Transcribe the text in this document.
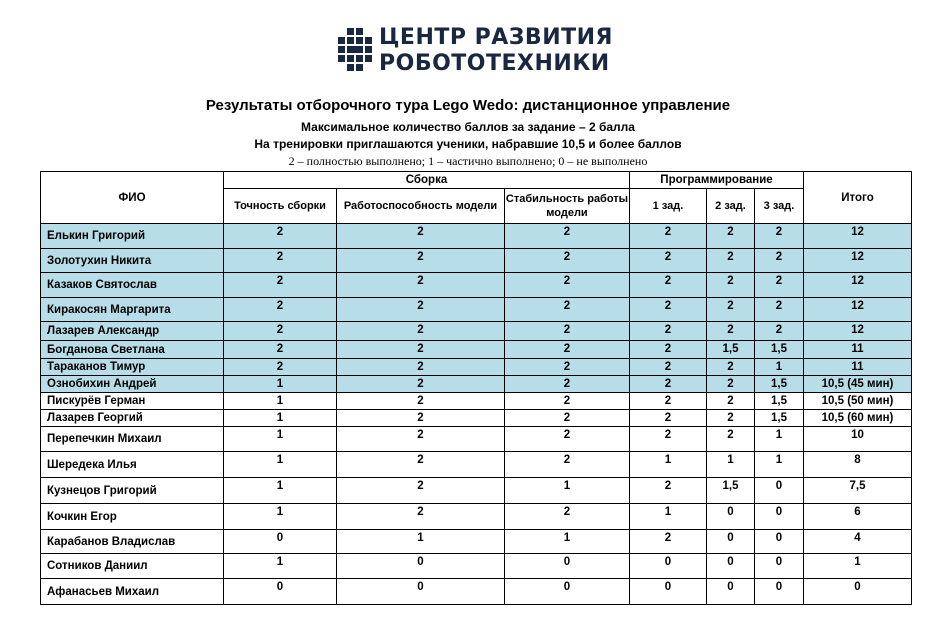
ЦЕНТР РАЗВИТИЯ
РОБОТОТЕХНИКИ
Результаты отборочного тура Lego Wedo: дистанционное управление
Максимальное количество баллов за задание – 2 балла
На тренировки приглашаются ученики, набравшие 10,5 и более баллов
2 – полностью выполнено; 1 – частично выполнено; 0 – не выполнено
ФИО	Сборка			Программирование			Итого
	Точность сборки	Работоспособность модели	Стабильность работы модели	1 зад.	2 зад.	3 зад.	
Елькин Григорий	2	2	2	2	2	2	12
Золотухин Никита	2	2	2	2	2	2	12
Казаков Святослав	2	2	2	2	2	2	12
Киракосян Маргарита	2	2	2	2	2	2	12
Лазарев Александр	2	2	2	2	2	2	12
Богданова Светлана	2	2	2	2	1,5	1,5	11
Тараканов Тимур	2	2	2	2	2	1	11
Ознобихин Андрей	1	2	2	2	2	1,5	10,5 (45 мин)
Пискурёв Герман	1	2	2	2	2	1,5	10,5 (50 мин)
Лазарев Георгий	1	2	2	2	2	1,5	10,5 (60 мин)
Перепечкин Михаил	1	2	2	2	2	1	10
Шередека Илья	1	2	2	1	1	1	8
Кузнецов Григорий	1	2	1	2	1,5	0	7,5
Кочкин Егор	1	2	2	1	0	0	6
Карабанов Владислав	0	1	1	2	0	0	4
Сотников Даниил	1	0	0	0	0	0	1
Афанасьев Михаил	0	0	0	0	0	0	0
